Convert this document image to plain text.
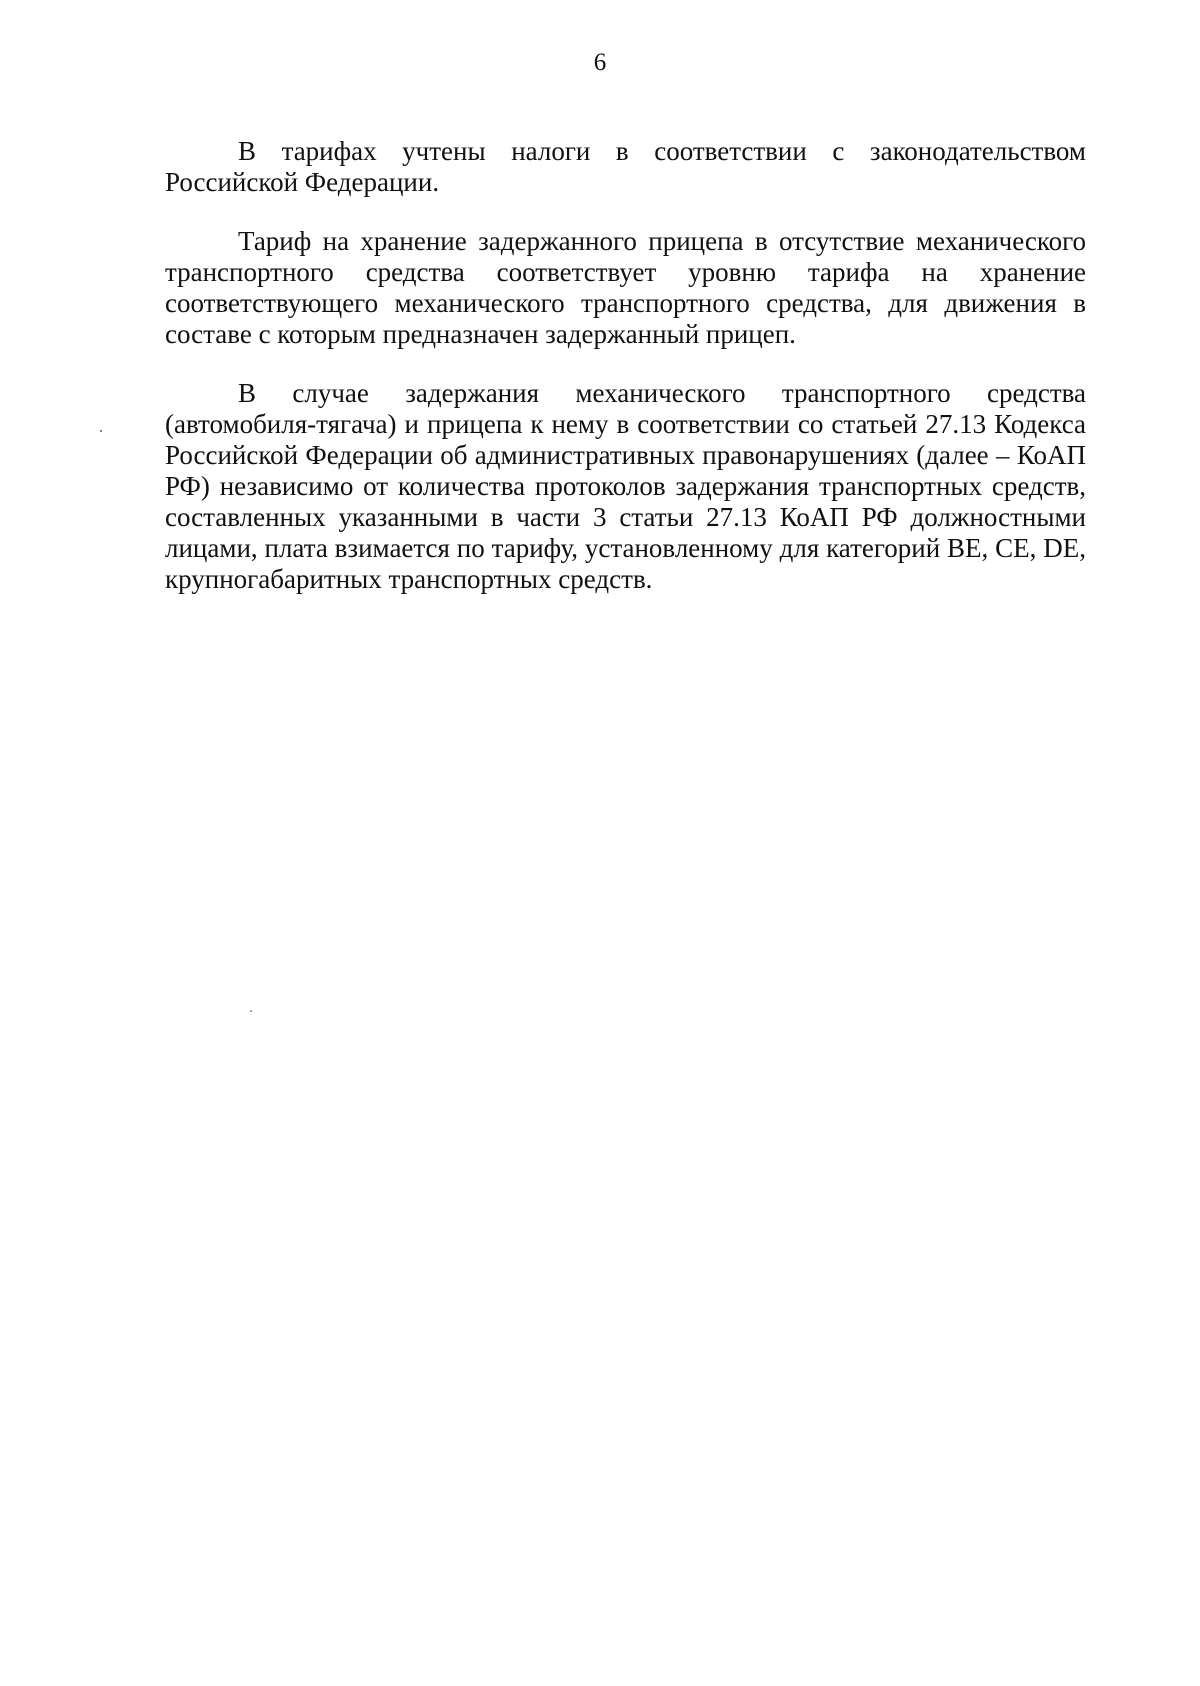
6

В тарифах учтены налоги в соответствии с законодательством Российской Федерации.

Тариф на хранение задержанного прицепа в отсутствие механического транспортного средства соответствует уровню тарифа на хранение соответствующего механического транспортного средства, для движения в составе с которым предназначен задержанный прицеп.

В случае задержания механического транспортного средства (автомобиля-тягача) и прицепа к нему в соответствии со статьей 27.13 Кодекса Российской Федерации об административных правонарушениях (далее – КоАП РФ) независимо от количества протоколов задержания транспортных средств, составленных указанными в части 3 статьи 27.13 КоАП РФ должностными лицами, плата взимается по тарифу, установленному для категорий BE, CE, DE, крупногабаритных транспортных средств.
